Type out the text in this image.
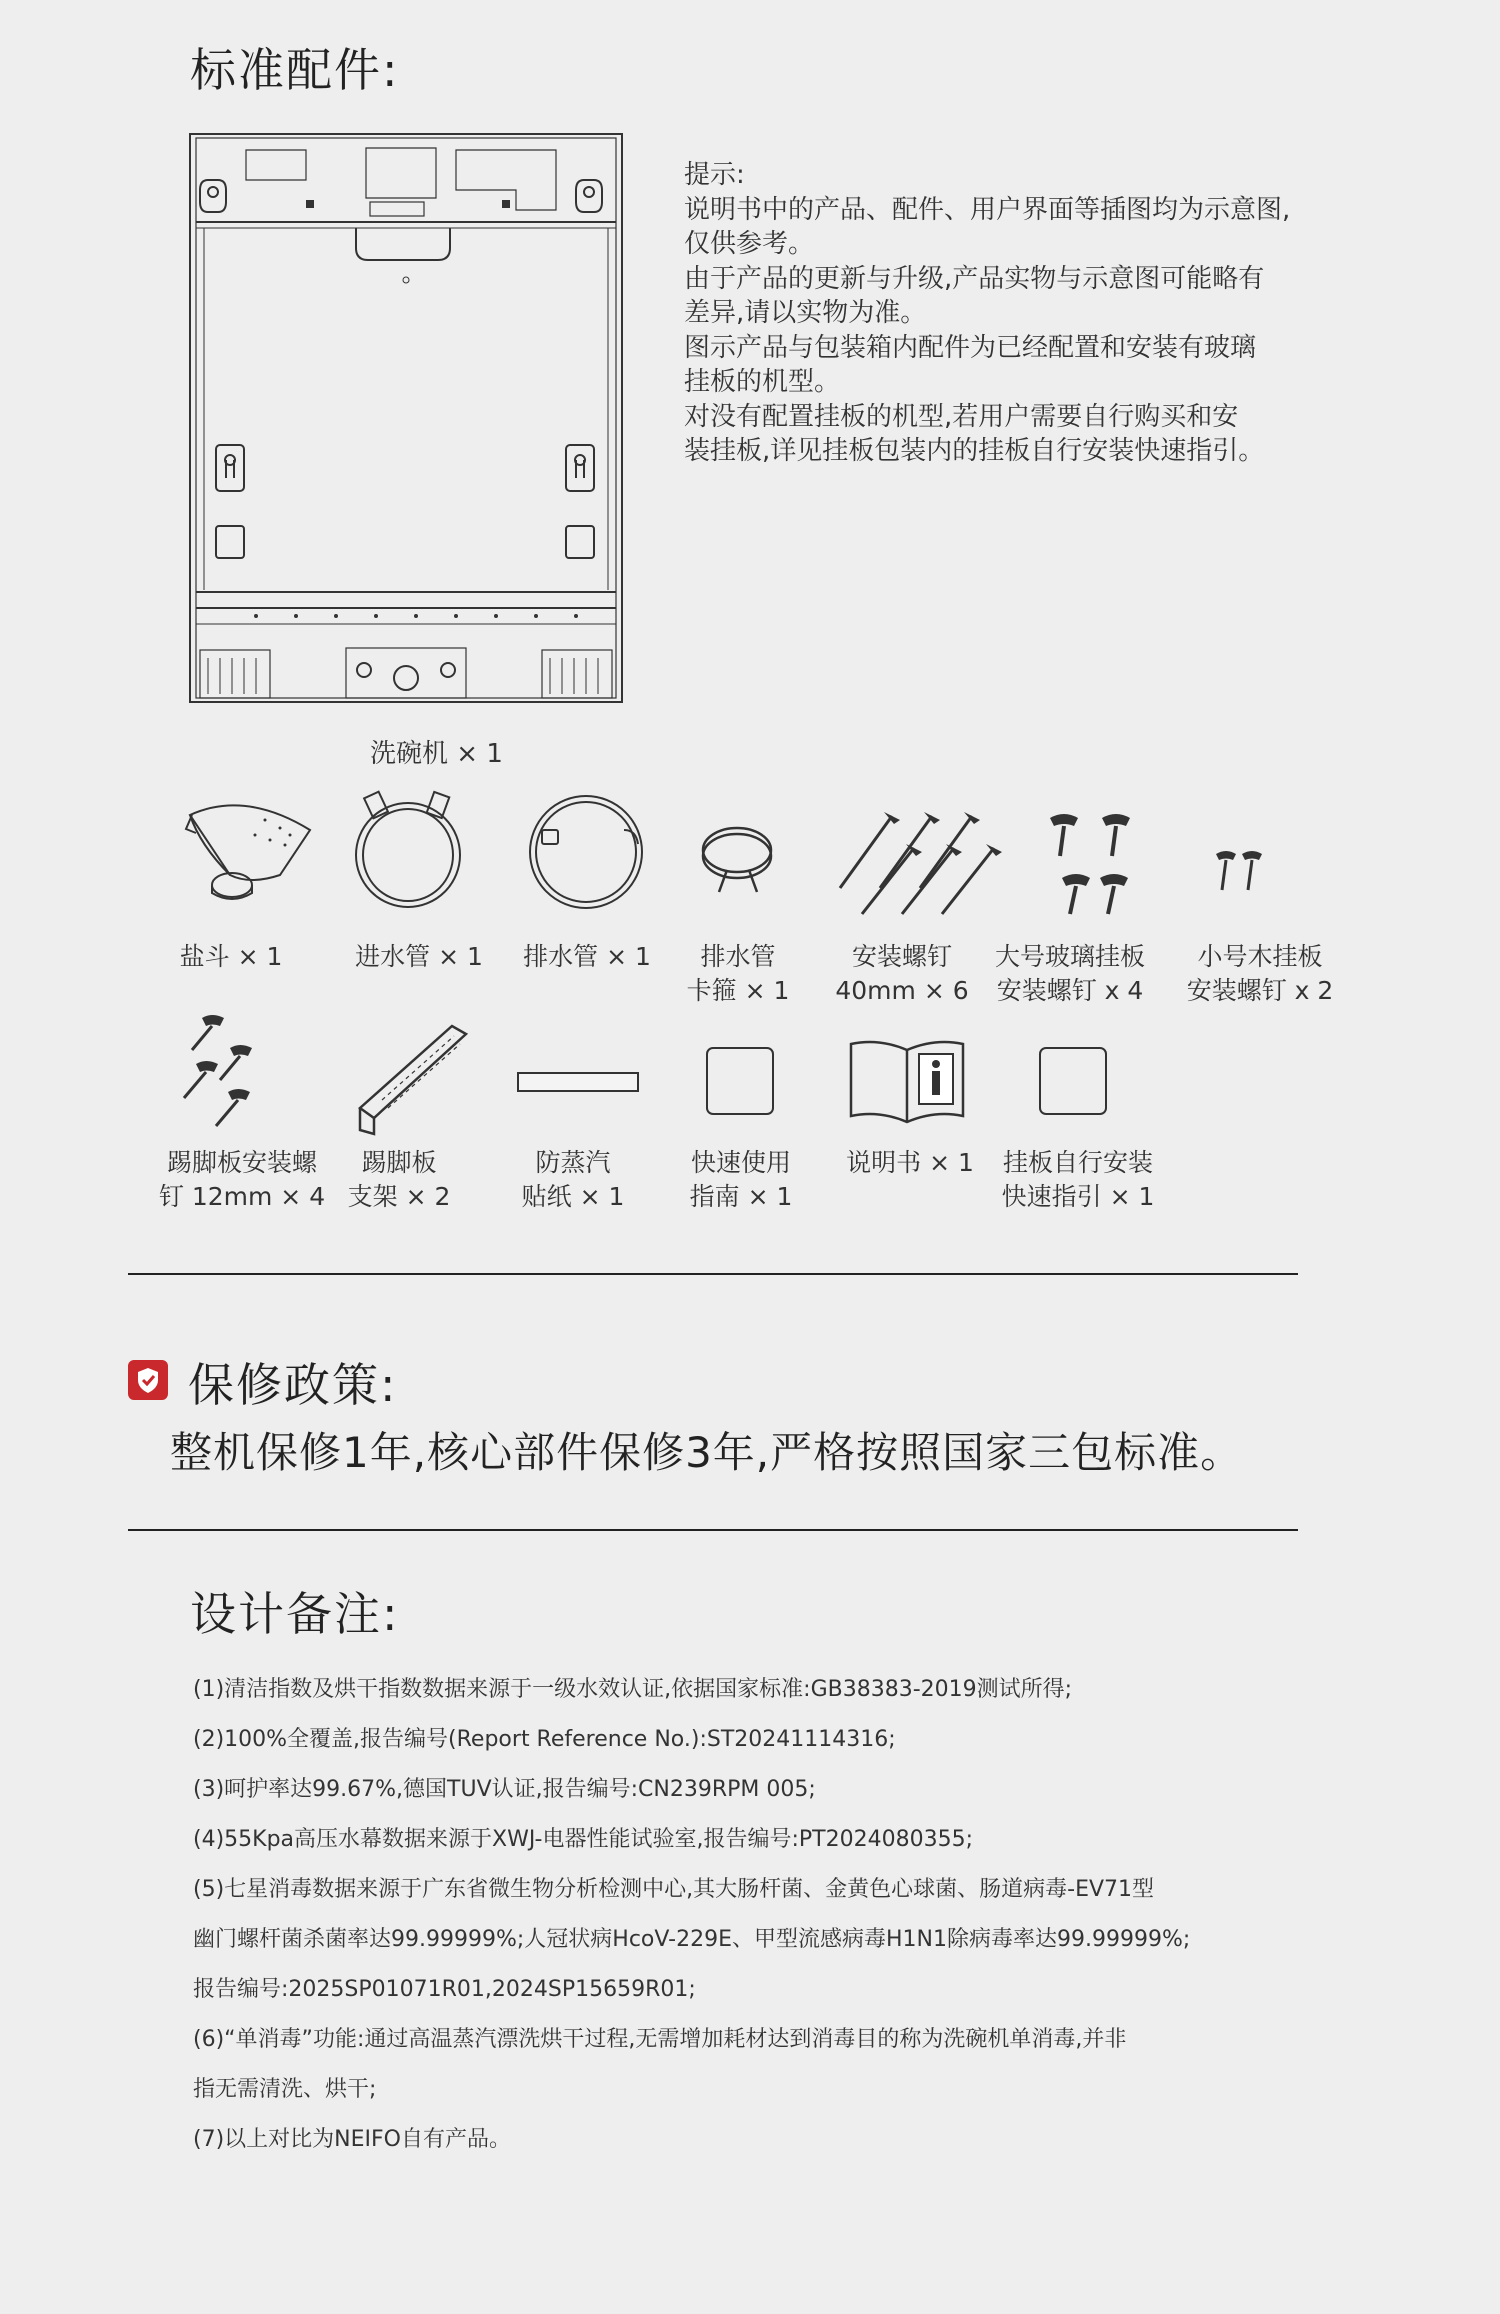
标准配件:
洗碗机 × 1
提示:
说明书中的产品、配件、用户界面等插图均为示意图,
仅供参考。
由于产品的更新与升级,产品实物与示意图可能略有
差异,请以实物为准。
图示产品与包装箱内配件为已经配置和安装有玻璃
挂板的机型。
对没有配置挂板的机型,若用户需要自行购买和安
装挂板,详见挂板包装内的挂板自行安装快速指引。
盐斗 × 1	进水管 × 1	排水管 × 1	排水管
卡箍 × 1
安装螺钉
40mm × 6
大号玻璃挂板
安装螺钉 x 4
小号木挂板
安装螺钉 x 2
踢脚板安装螺
钉 12mm × 4
踢脚板
支架 × 2
防蒸汽
贴纸 × 1
快速使用
指南 × 1
说明书 × 1	挂板自行安装
快速指引 × 1
保修政策:
整机保修1年,核心部件保修3年,严格按照国家三包标准。
设计备注:
(1)清洁指数及烘干指数数据来源于一级水效认证,依据国家标准:GB38383-2019测试所得;
(2)100%全覆盖,报告编号(Report Reference No.):ST20241114316;
(3)呵护率达99.67%,德国TUV认证,报告编号:CN239RPM 005;
(4)55Kpa高压水幕数据来源于XWJ-电器性能试验室,报告编号:PT2024080355;
(5)七星消毒数据来源于广东省微生物分析检测中心,其大肠杆菌、金黄色心球菌、肠道病毒-EV71型
幽门螺杆菌杀菌率达99.99999%;人冠状病HcoV-229E、甲型流感病毒H1N1除病毒率达99.99999%;
报告编号:2025SP01071R01,2024SP15659R01;
(6)“单消毒”功能:通过高温蒸汽漂洗烘干过程,无需增加耗材达到消毒目的称为洗碗机单消毒,并非
指无需清洗、烘干;
(7)以上对比为NEIFO自有产品。
